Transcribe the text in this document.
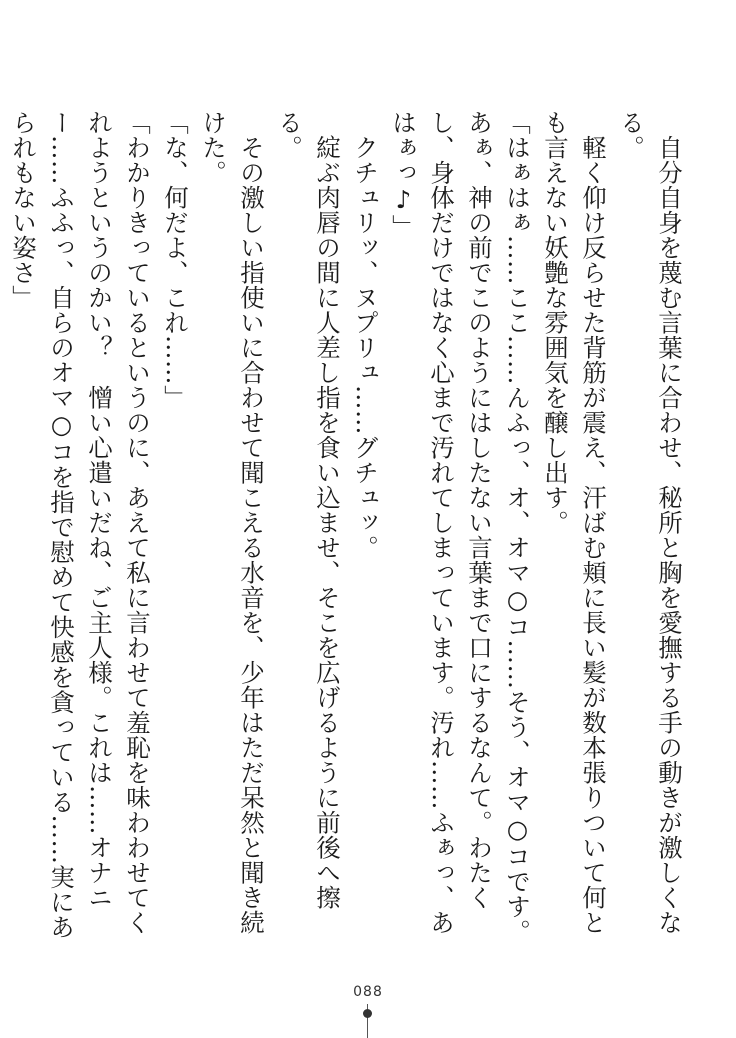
　自分自身を蔑む言葉に合わせ、秘所と胸を愛撫する手の動きが激しくなる。

　軽く仰け反らせた背筋が震え、汗ばむ頬に長い髪が数本張りついて何とも言えない妖艶な雰囲気を醸し出す。

「はぁはぁ……ここ……んふっ、オ、オマ○コ……そう、オマ○コです。あぁ、神の前でこのようにはしたない言葉まで口にするなんて。わたくし、身体だけではなく心まで汚れてしまっています。汚れ……ふぁっ、あはぁっ♪」

　クチュリッ、ヌプリュ……グチュッ。

　綻ぶ肉唇の間に人差し指を食い込ませ、そこを広げるように前後へ擦る。

　その激しい指使いに合わせて聞こえる水音を、少年はただ呆然と聞き続けた。

「な、何だよ、これ……」

「わかりきっているというのに、あえて私に言わせて羞恥を味わわせてくれようというのかい？　憎い心遣いだね、ご主人様。これは……オナニー……ふふっ、自らのオマ○コを指で慰めて快感を貪っている……実にあられもない姿さ」

088
